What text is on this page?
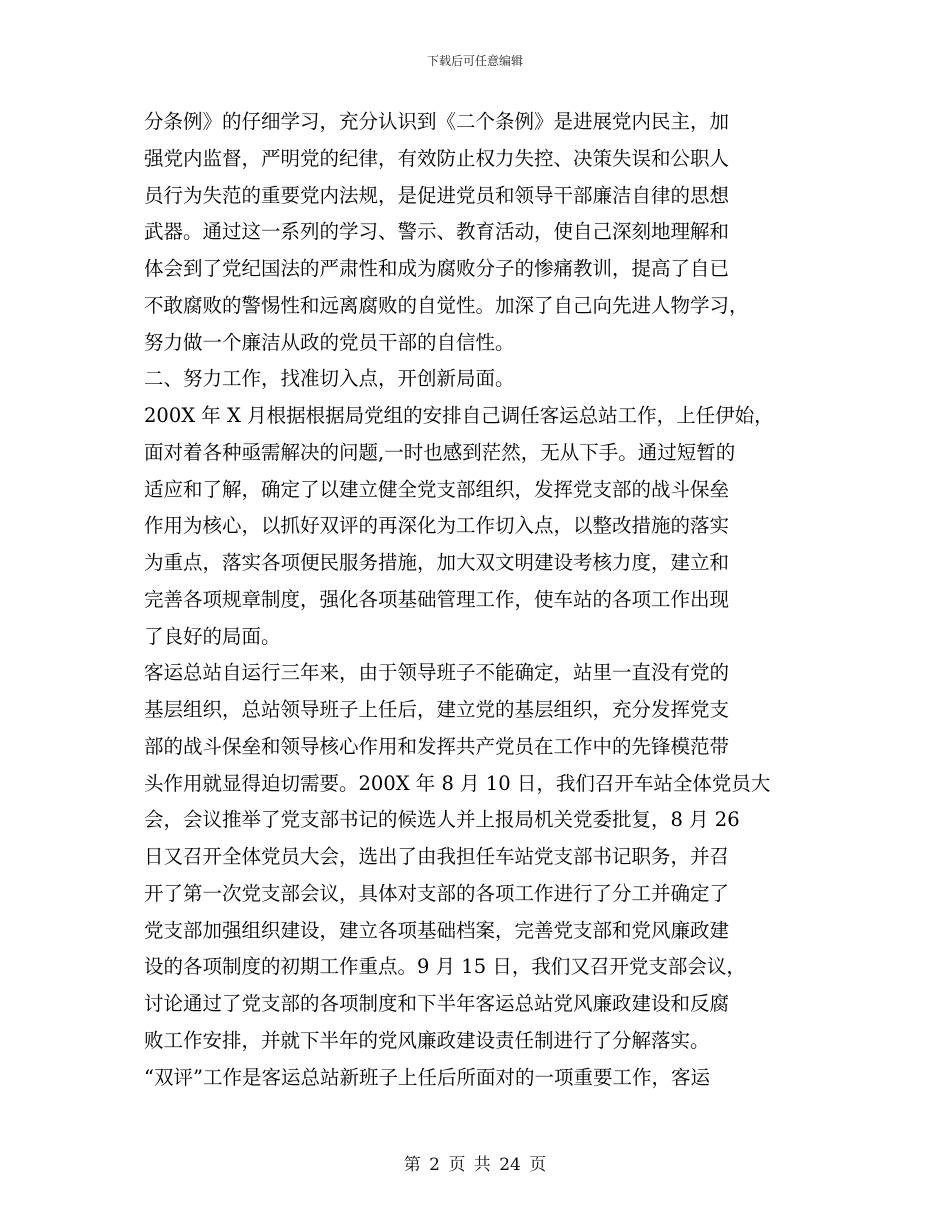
下载后可任意编辑
分条例》的仔细学习，充分认识到《二个条例》是进展党内民主，加
强党内监督，严明党的纪律，有效防止权力失控、决策失误和公职人
员行为失范的重要党内法规，是促进党员和领导干部廉洁自律的思想
武器。通过这一系列的学习、警示、教育活动，使自己深刻地理解和
体会到了党纪国法的严肃性和成为腐败分子的惨痛教训，提高了自已
不敢腐败的警惕性和远离腐败的自觉性。加深了自己向先进人物学习，
努力做一个廉洁从政的党员干部的自信性。
二、努力工作，找准切入点，开创新局面。
200X 年 X 月根据根据局党组的安排自己调任客运总站工作，上任伊始，
面对着各种亟需解决的问题,一时也感到茫然，无从下手。通过短暂的
适应和了解，确定了以建立健全党支部组织，发挥党支部的战斗保垒
作用为核心，以抓好双评的再深化为工作切入点，以整改措施的落实
为重点，落实各项便民服务措施，加大双文明建设考核力度，建立和
完善各项规章制度，强化各项基础管理工作，使车站的各项工作出现
了良好的局面。
客运总站自运行三年来，由于领导班子不能确定，站里一直没有党的
基层组织，总站领导班子上任后，建立党的基层组织，充分发挥党支
部的战斗保垒和领导核心作用和发挥共产党员在工作中的先锋模范带
头作用就显得迫切需要。200X 年 8 月 10 日，我们召开车站全体党员大
会，会议推举了党支部书记的候选人并上报局机关党委批复，8 月 26
日又召开全体党员大会，选出了由我担任车站党支部书记职务，并召
开了第一次党支部会议，具体对支部的各项工作进行了分工并确定了
党支部加强组织建设，建立各项基础档案，完善党支部和党风廉政建
设的各项制度的初期工作重点。9 月 15 日，我们又召开党支部会议，
讨论通过了党支部的各项制度和下半年客运总站党风廉政建设和反腐
败工作安排，并就下半年的党风廉政建设责任制进行了分解落实。
“双评”工作是客运总站新班子上任后所面对的一项重要工作，客运
第 2 页 共 24 页
